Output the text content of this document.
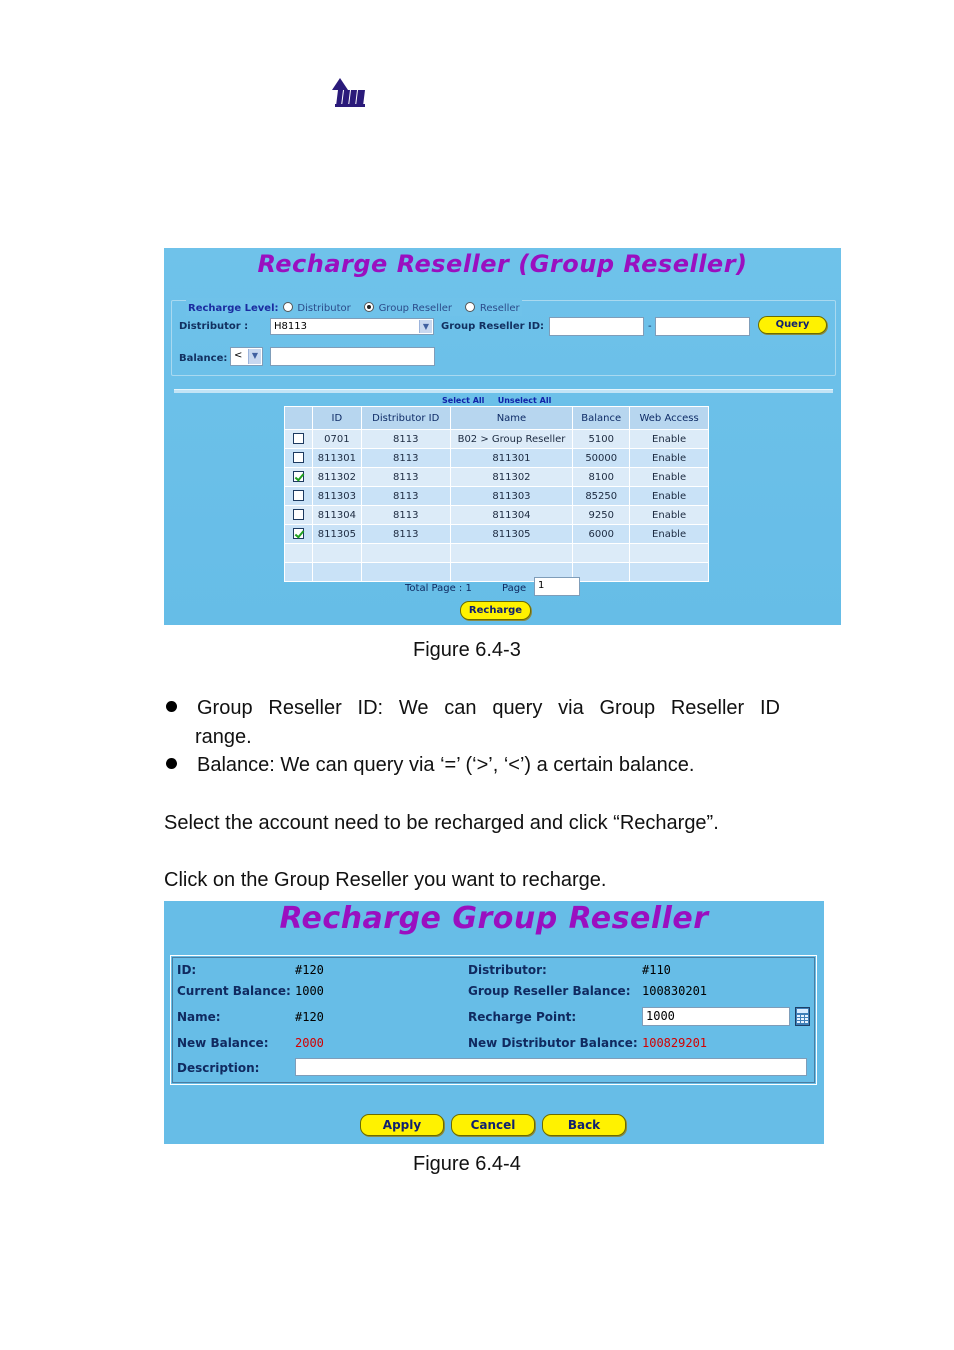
Recharge Reseller (Group Reseller)
Recharge Level: Distributor	Group Reseller	Reseller
Distributor :	H8113	▼ Group Reseller ID:	-	Query
Balance: <	▼
Select All Unselect All
	ID	Distributor ID	Name	Balance	Web Access
	0701	8113	B02 > Group Reseller	5100	Enable
	811301	8113	811301	50000	Enable
	811302	8113	811302	8100	Enable
	811303	8113	811303	85250	Enable
	811304	8113	811304	9250	Enable
	811305	8113	811305	6000	Enable

Total Page : 1	Page	1
Recharge
Figure 6.4-3
Group Reseller ID: We can query via Group Reseller ID
range.
Balance: We can query via ‘=’ (‘>’, ‘<’) a certain balance.
Select the account need to be recharged and click “Recharge”.
Click on the Group Reseller you want to recharge.
Recharge Group Reseller
ID:	#120	Distributor:	#110
Current Balance: 1000	Group Reseller Balance: 100830201
Name:	#120	Recharge Point:	1000
New Balance: 2000	New Distributor Balance: 100829201
Description:
Apply	Cancel	Back
Figure 6.4-4
